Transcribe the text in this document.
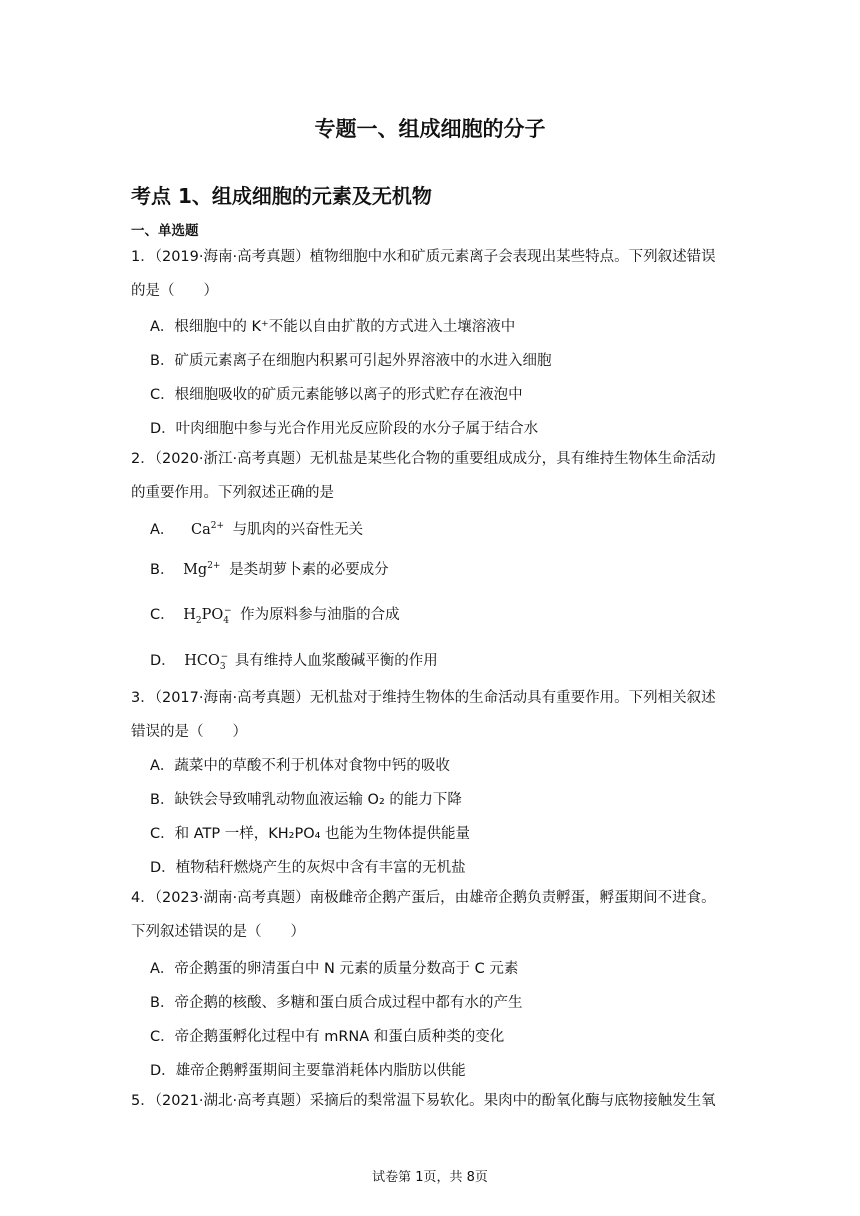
专题一、组成细胞的分子
考点 1、组成细胞的元素及无机物
一、单选题
1．（2019·海南·高考真题）植物细胞中水和矿质元素离子会表现出某些特点。下列叙述错误
的是（　　）
A．根细胞中的 K⁺不能以自由扩散的方式进入土壤溶液中
B．矿质元素离子在细胞内积累可引起外界溶液中的水进入细胞
C．根细胞吸收的矿质元素能够以离子的形式贮存在液泡中
D．叶肉细胞中参与光合作用光反应阶段的水分子属于结合水
2．（2020·浙江·高考真题）无机盐是某些化合物的重要组成成分，具有维持生物体生命活动
的重要作用。下列叙述正确的是
A． $Ca^{2+}$ 与肌肉的兴奋性无关
B． $Mg^{2+}$ 是类胡萝卜素的必要成分
C． $H_2PO_4^-$ 作为原料参与油脂的合成
D． $HCO_3^-$ 具有维持人血浆酸碱平衡的作用
3．（2017·海南·高考真题）无机盐对于维持生物体的生命活动具有重要作用。下列相关叙述
错误的是（　　）
A．蔬菜中的草酸不利于机体对食物中钙的吸收
B．缺铁会导致哺乳动物血液运输 O₂ 的能力下降
C．和 ATP 一样，KH₂PO₄ 也能为生物体提供能量
D．植物秸秆燃烧产生的灰烬中含有丰富的无机盐
4．（2023·湖南·高考真题）南极雌帝企鹅产蛋后，由雄帝企鹅负责孵蛋，孵蛋期间不进食。
下列叙述错误的是（　　）
A．帝企鹅蛋的卵清蛋白中 N 元素的质量分数高于 C 元素
B．帝企鹅的核酸、多糖和蛋白质合成过程中都有水的产生
C．帝企鹅蛋孵化过程中有 mRNA 和蛋白质种类的变化
D．雄帝企鹅孵蛋期间主要靠消耗体内脂肪以供能
5．（2021·湖北·高考真题）采摘后的梨常温下易软化。果肉中的酚氧化酶与底物接触发生氧
试卷第 1页，共 8页
